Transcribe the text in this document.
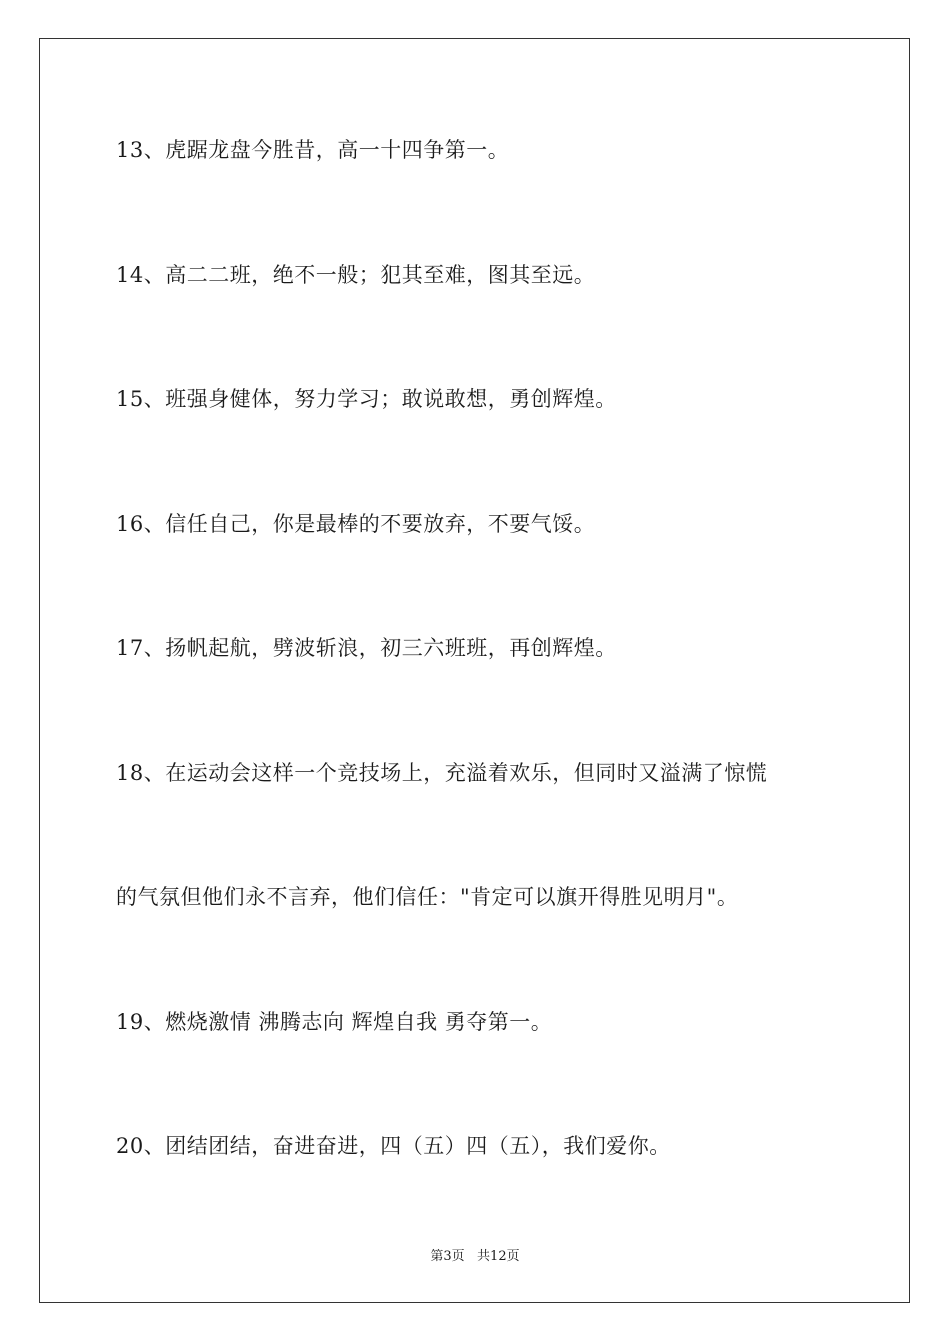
13、虎踞龙盘今胜昔，高一十四争第一。
14、高二二班，绝不一般；犯其至难，图其至远。
15、班强身健体，努力学习；敢说敢想，勇创辉煌。
16、信任自己，你是最棒的不要放弃，不要气馁。
17、扬帆起航，劈波斩浪，初三六班班，再创辉煌。
18、在运动会这样一个竞技场上，充溢着欢乐，但同时又溢满了惊慌
的气氛但他们永不言弃，他们信任："肯定可以旗开得胜见明月"。
19、燃烧激情 沸腾志向 辉煌自我 勇夺第一。
20、团结团结，奋进奋进，四（五）四（五），我们爱你。
第3页   共12页
